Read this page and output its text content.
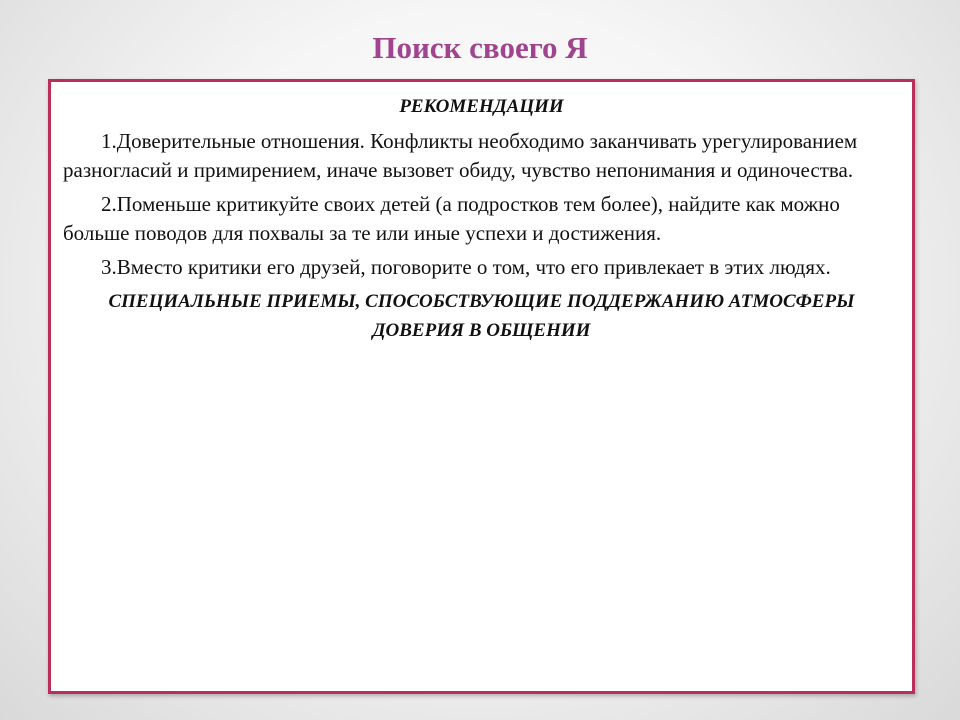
Поиск своего Я
РЕКОМЕНДАЦИИ

1.Доверительные отношения. Конфликты необходимо заканчивать урегулированием разногласий и примирением, иначе вызовет обиду, чувство непонимания и одиночества.

2.Поменьше критикуйте своих детей (а подростков тем более), найдите как можно больше поводов для похвалы за те или иные успехи и достижения.

3.Вместо критики его друзей, поговорите о том, что его привлекает в этих людях.

СПЕЦИАЛЬНЫЕ ПРИЕМЫ, СПОСОБСТВУЮЩИЕ ПОДДЕРЖАНИЮ АТМОСФЕРЫ ДОВЕРИЯ В ОБЩЕНИИ
